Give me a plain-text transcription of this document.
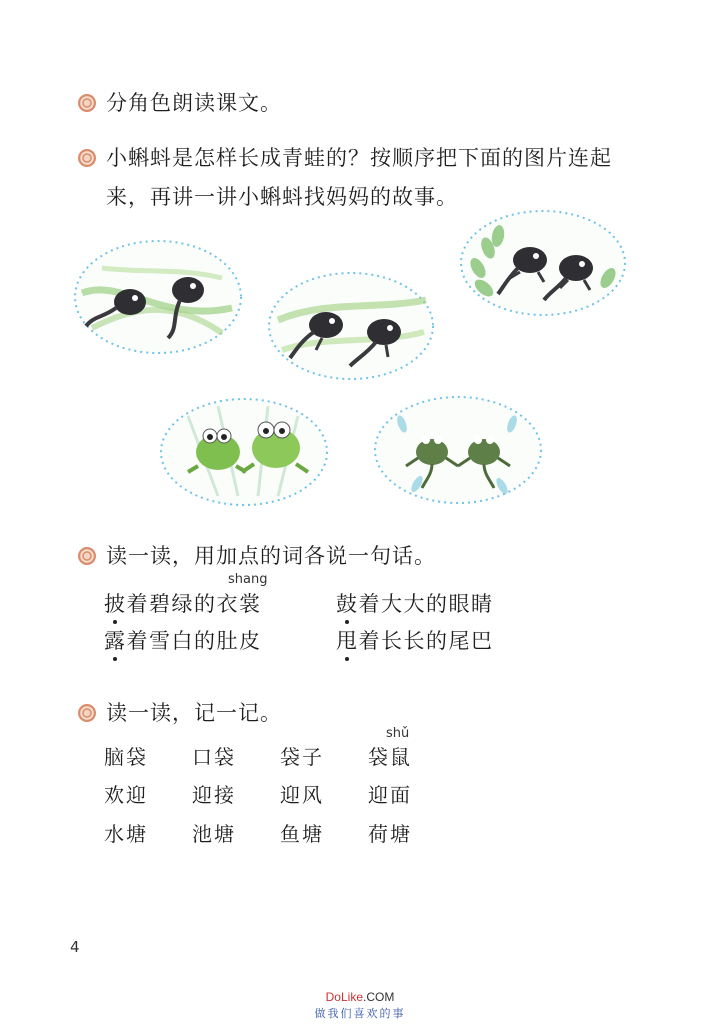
分角色朗读课文。
小蝌蚪是怎样长成青蛙的？按顺序把下面的图片连起
来，再讲一讲小蝌蚪找妈妈的故事。
读一读，用加点的词各说一句话。
shang
披着碧绿的衣裳	鼓着大大的眼睛
露着雪白的肚皮	甩着长长的尾巴
读一读，记一记。
shǔ
脑袋 口袋 袋子 袋鼠
欢迎 迎接 迎风 迎面
水塘 池塘 鱼塘 荷塘
4
DoLike.COM
做我们喜欢的事
